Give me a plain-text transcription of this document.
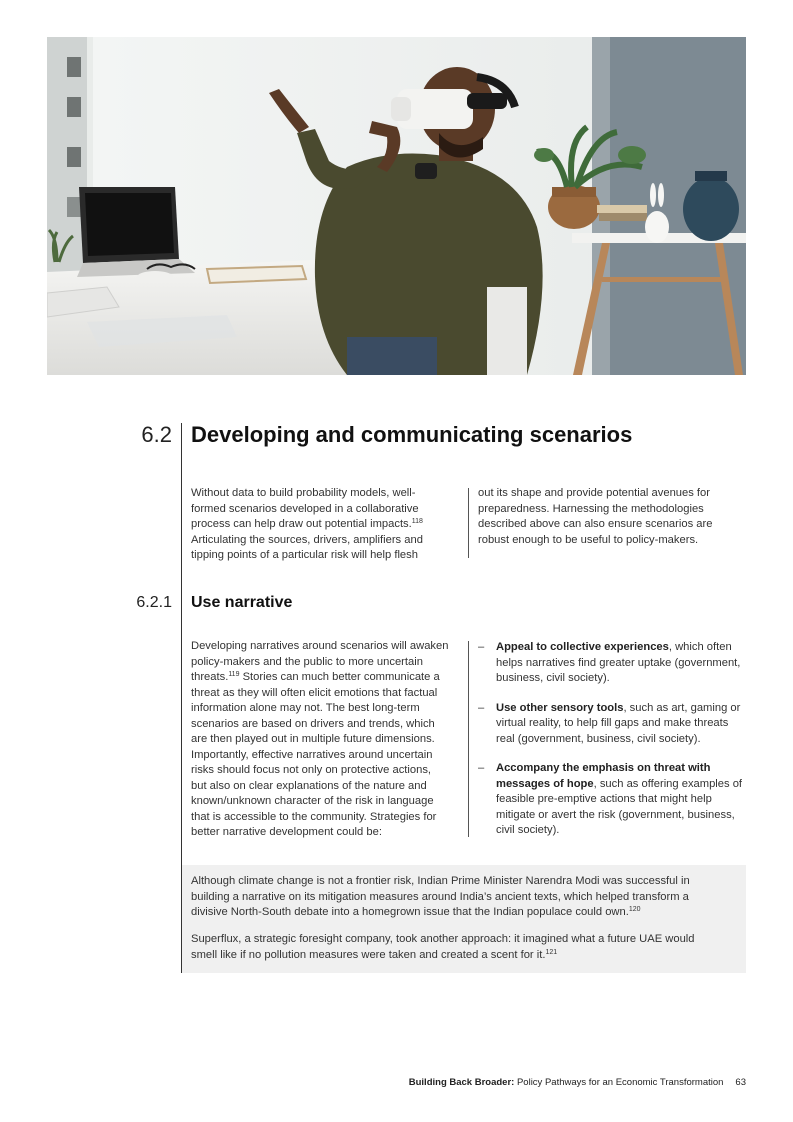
6.2 Developing and communicating scenarios

Without data to build probability models, well-
formed scenarios developed in a collaborative
process can help draw out potential impacts.$^{118}$
Articulating the sources, drivers, amplifiers and
tipping points of a particular risk will help flesh

out its shape and provide potential avenues for
preparedness. Harnessing the methodologies
described above can also ensure scenarios are
robust enough to be useful to policy-makers.

6.2.1 Use narrative

Developing narratives around scenarios will awaken
policy-makers and the public to more uncertain
threats.$^{119}$ Stories can much better communicate a
threat as they will often elicit emotions that factual
information alone may not. The best long-term
scenarios are based on drivers and trends, which
are then played out in multiple future dimensions.
Importantly, effective narratives around uncertain
risks should focus not only on protective actions,
but also on clear explanations of the nature and
known/unknown character of the risk in language
that is accessible to the community. Strategies for
better narrative development could be:

– Appeal to collective experiences, which often helps narratives find greater uptake (government, business, civil society).
– Use other sensory tools, such as art, gaming or virtual reality, to help fill gaps and make threats real (government, business, civil society).
– Accompany the emphasis on threat with messages of hope, such as offering examples of feasible pre-emptive actions that might help mitigate or avert the risk (government, business, civil society).

Although climate change is not a frontier risk, Indian Prime Minister Narendra Modi was successful in
building a narrative on its mitigation measures around India’s ancient texts, which helped transform a
divisive North-South debate into a homegrown issue that the Indian populace could own.$^{120}$

Superflux, a strategic foresight company, took another approach: it imagined what a future UAE would
smell like if no pollution measures were taken and created a scent for it.$^{121}$

Building Back Broader: Policy Pathways for an Economic Transformation 63
